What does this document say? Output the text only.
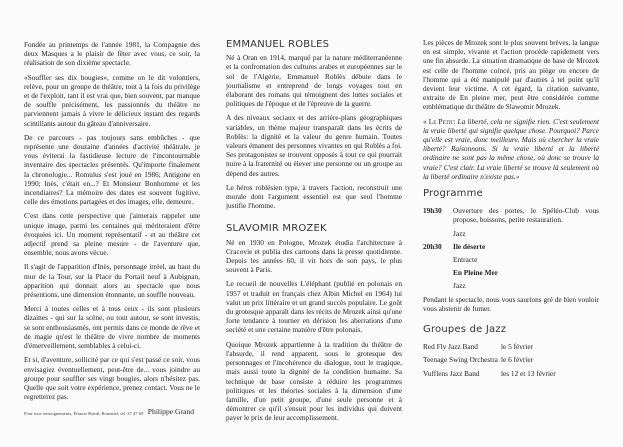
Fondée au printemps de l'année 1981, la Compagnie des deux Masques a le plaisir de fêter avec vous, ce soir, la réalisation de son dixième spectacle.

«Souffler ses dix bougies», comme on le dit volontiers, relève, pour un groupe de théâtre, tout à la fois du privilège et de l'exploit, tant il est vrai que, bien souvent, par manque de souffle précisément, les passionnés du théâtre ne parviennent jamais à vivre le délicieux instant des regards scintillants autour du gâteau d'anniversaire.

De ce parcours - pas toujours sans embûches - que représente une douzaine d'années d'activité théâtrale, je vous éviterai la fastidieuse lecture de l'incontournable inventaire des spectacles présentés. Qu'importe finalement la chronologie... Romulus s'est joué en 1986; Antigone en 1990; Inès, c'était en...? Et Monsieur Bonhomme et les incendiaires? La mémoire des dates est souvent fugitive, celle des émotions partagées et des images, elle, demeure.

C'est dans cette perspective que j'aimerais rappeler une unique image, parmi les centaines qui mériteraient d'être évoquées ici. Un moment représentatif - et au théâtre cet adjectif prend sa pleine mesure - de l'aventure que, ensemble, nous avons vécue.

Il s'agit de l'apparition d'Inès, personnage irréel, au haut du mur de la Tour, sur la Place du Portail neuf à Aubignan, apparition qui donnait alors au spectacle que nous présentions, une dimension étonnante, un souffle nouveau.

Merci à toutes celles et à tous ceux - ils sont plusieurs dizaines - qui sur la scène, ou tout autour, se sont investis, se sont enthousiasmés, ont permis dans ce monde de rêve et de magie qu'est le théâtre de vivre nombre de moments d'émerveillement, semblables à celui-ci.

Et si, d'aventure, sollicité par ce qui s'est passé ce soir, vous envisagiez éventuellement, peut-être de... vous joindre au groupe pour souffler ses vingt bougies, alors n'hésitez pas. Quelle que soit votre expérience, prenez contact. Vous ne le regretterez pas.

Philippe Grand
Pour tous renseignements, Francis Ruedi, Romanel, tél. 37 47 69
EMMANUEL ROBLES

Né à Oran en 1914, marqué par la nature méditerranéenne et la confrontation des cultures arabes et européennes sur le sol de l'Algérie, Emmanuel Roblès débute dans le journalisme et entreprend de longs voyages tout en élaborant des romans qui témoignent des luttes sociales et politiques de l'époque et de l'épreuve de la guerre.

A des niveaux sociaux et des arrière-plans géographiques variables, un thème majeur transparaît dans les écrits de Roblès: la dignité et la valeur du genre humain. Toutes valeurs émanent des personnes vivantes en qui Roblès a foi. Ses protagonistes se trouvent opposés à tout ce qui pourrait nuire à la fraternité ou élever une personne ou un groupe au dépend des autres.

Le héros roblésien type, à travers l'action, reconstruit une morale dont l'argument essentiel est que seul l'homme justifie l'homme.

SLAVOMIR MROZEK

Né en 1930 en Pologne, Mrozek étudia l'architecture à Cracovie et publia des cartoons dans la presse quotidienne. Depuis les années 60, il vit hors de son pays, le plus souvent à Paris.

Le recueil de nouvelles L'éléphant (publié en polonais en 1957 et traduit en français chez Albin Michel en 1964) lui valut un prix littéraire et un grand succès populaire. Le goût du grotesque apparaît dans les récits de Mrozek ainsi qu'une forte tendance à tourner en dérision les aberrations d'une société et une certaine manière d'être polonais.

Quoique Mrozek appartienne à la tradition du théâtre de l'absurde, il rend apparent, sous le grotesque des personnages et l'incohérence du dialogue, tout le tragique, mais aussi toute la dignité de la condition humaine. Sa technique de base consiste à réduire les programmes politiques et les théories sociales à la dimension d'une famille, d'un petit groupe, d'une seule personne et à démontrer ce qu'il s'ensuit pour les individus qui doivent payer le prix de leur accomplissement.

Les pièces de Mrozek sont le plus souvent brèves, la langue en est simple, vivante et l'action procède rapidement vers une fin absurde. La situation dramatique de base de Mrozek est celle de l'homme coincé, pris au piège ou encore de l'homme qui a été manipulé par d'autres à tel point qu'il devient leur victime. A cet égard, la citation suivante, extraite de En pleine mer, peut être considérée comme emblématique du théâtre de Slawomir Mrozek.

« Le Petit: La liberté, cela ne signifie rien. C'est seulement la vraie liberté qui signifie quelque chose. Pourquoi? Parce qu'elle est vraie, donc meilleure. Mais où chercher la vraie liberté? Raisonnons. Si la vraie liberté et la liberté ordinaire ne sont pas la même chose, où donc se trouve la vraie? C'est clair. La vraie liberté se trouve là seulement où la liberté ordinaire n'existe pas.»

Programme
19h30	Ouverture des portes, le Spéléo-Club vous propose, boissons, petite restauration.
Jazz
20h30	Ile déserte
Entracte
En Pleine Mer
Jazz

Pendant le spectacle, nous vous saurions gré de bien vouloir vous abstenir de fumer.

Groupes de Jazz
Red Fly Jazz Band	le 5 février
Teenage Swing Orchestra le 6 février
Vufflens Jazz Band	les 12 et 13 février
